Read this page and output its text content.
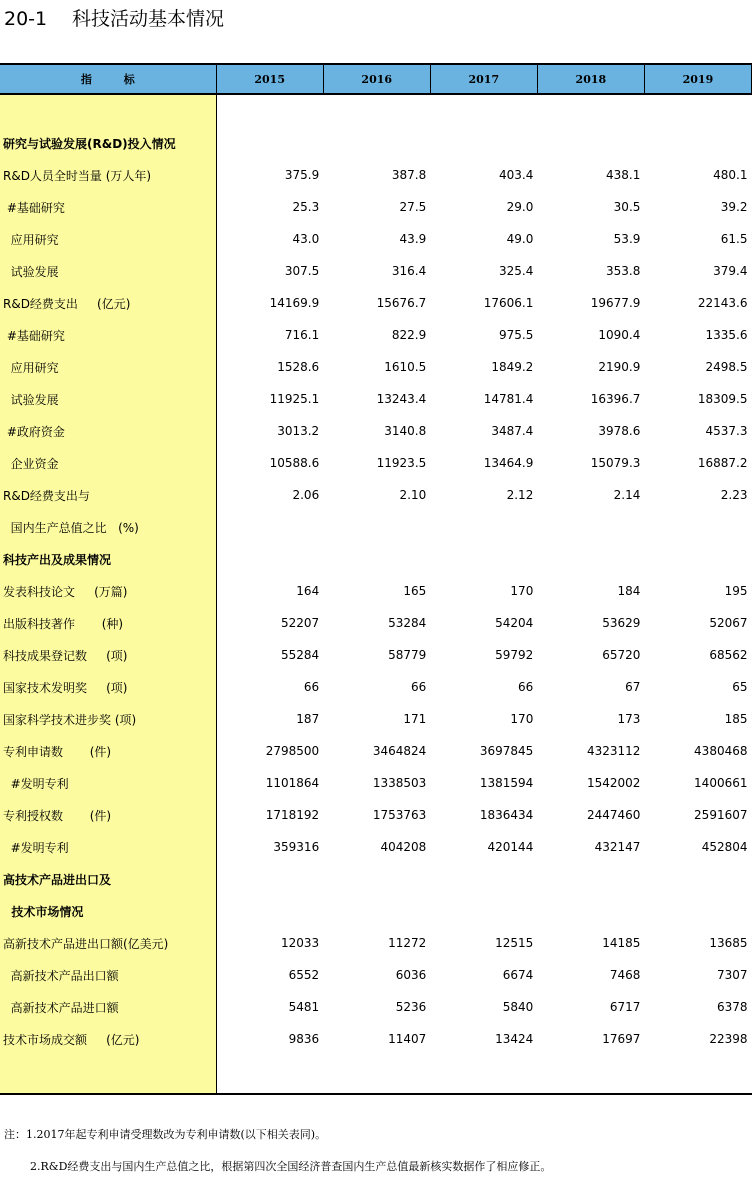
20-1 科技活动基本情况
指 标	2015	2016	2017	2018	2019

研究与试验发展(R&D)投入情况					
R&D人员全时当量 (万人年)	375.9	387.8	403.4	438.1	480.1
#基础研究	25.3	27.5	29.0	30.5	39.2
应用研究	43.0	43.9	49.0	53.9	61.5
试验发展	307.5	316.4	325.4	353.8	379.4
R&D经费支出     (亿元)	14169.9	15676.7	17606.1	19677.9	22143.6
#基础研究	716.1	822.9	975.5	1090.4	1335.6
应用研究	1528.6	1610.5	1849.2	2190.9	2498.5
试验发展	11925.1	13243.4	14781.4	16396.7	18309.5
#政府资金	3013.2	3140.8	3487.4	3978.6	4537.3
企业资金	10588.6	11923.5	13464.9	15079.3	16887.2
R&D经费支出与	2.06	2.10	2.12	2.14	2.23
国内生产总值之比   (%)					
科技产出及成果情况					
发表科技论文     (万篇)	164	165	170	184	195
出版科技著作       (种)	52207	53284	54204	53629	52067
科技成果登记数     (项)	55284	58779	59792	65720	68562
国家技术发明奖     (项)	66	66	66	67	65
国家科学技术进步奖 (项)	187	171	170	173	185
专利申请数       (件)	2798500	3464824	3697845	4323112	4380468
#发明专利	1101864	1338503	1381594	1542002	1400661
专利授权数       (件)	1718192	1753763	1836434	2447460	2591607
#发明专利	359316	404208	420144	432147	452804
高技术产品进出口及					
技术市场情况					
高新技术产品进出口额(亿美元)	12033	11272	12515	14185	13685
高新技术产品出口额	6552	6036	6674	7468	7307
高新技术产品进口额	5481	5236	5840	6717	6378
技术市场成交额     (亿元)	9836	11407	13424	17697	22398

注：1.2017年起专利申请受理数改为专利申请数(以下相关表同)。
2.R&D经费支出与国内生产总值之比，根据第四次全国经济普查国内生产总值最新核实数据作了相应修正。
